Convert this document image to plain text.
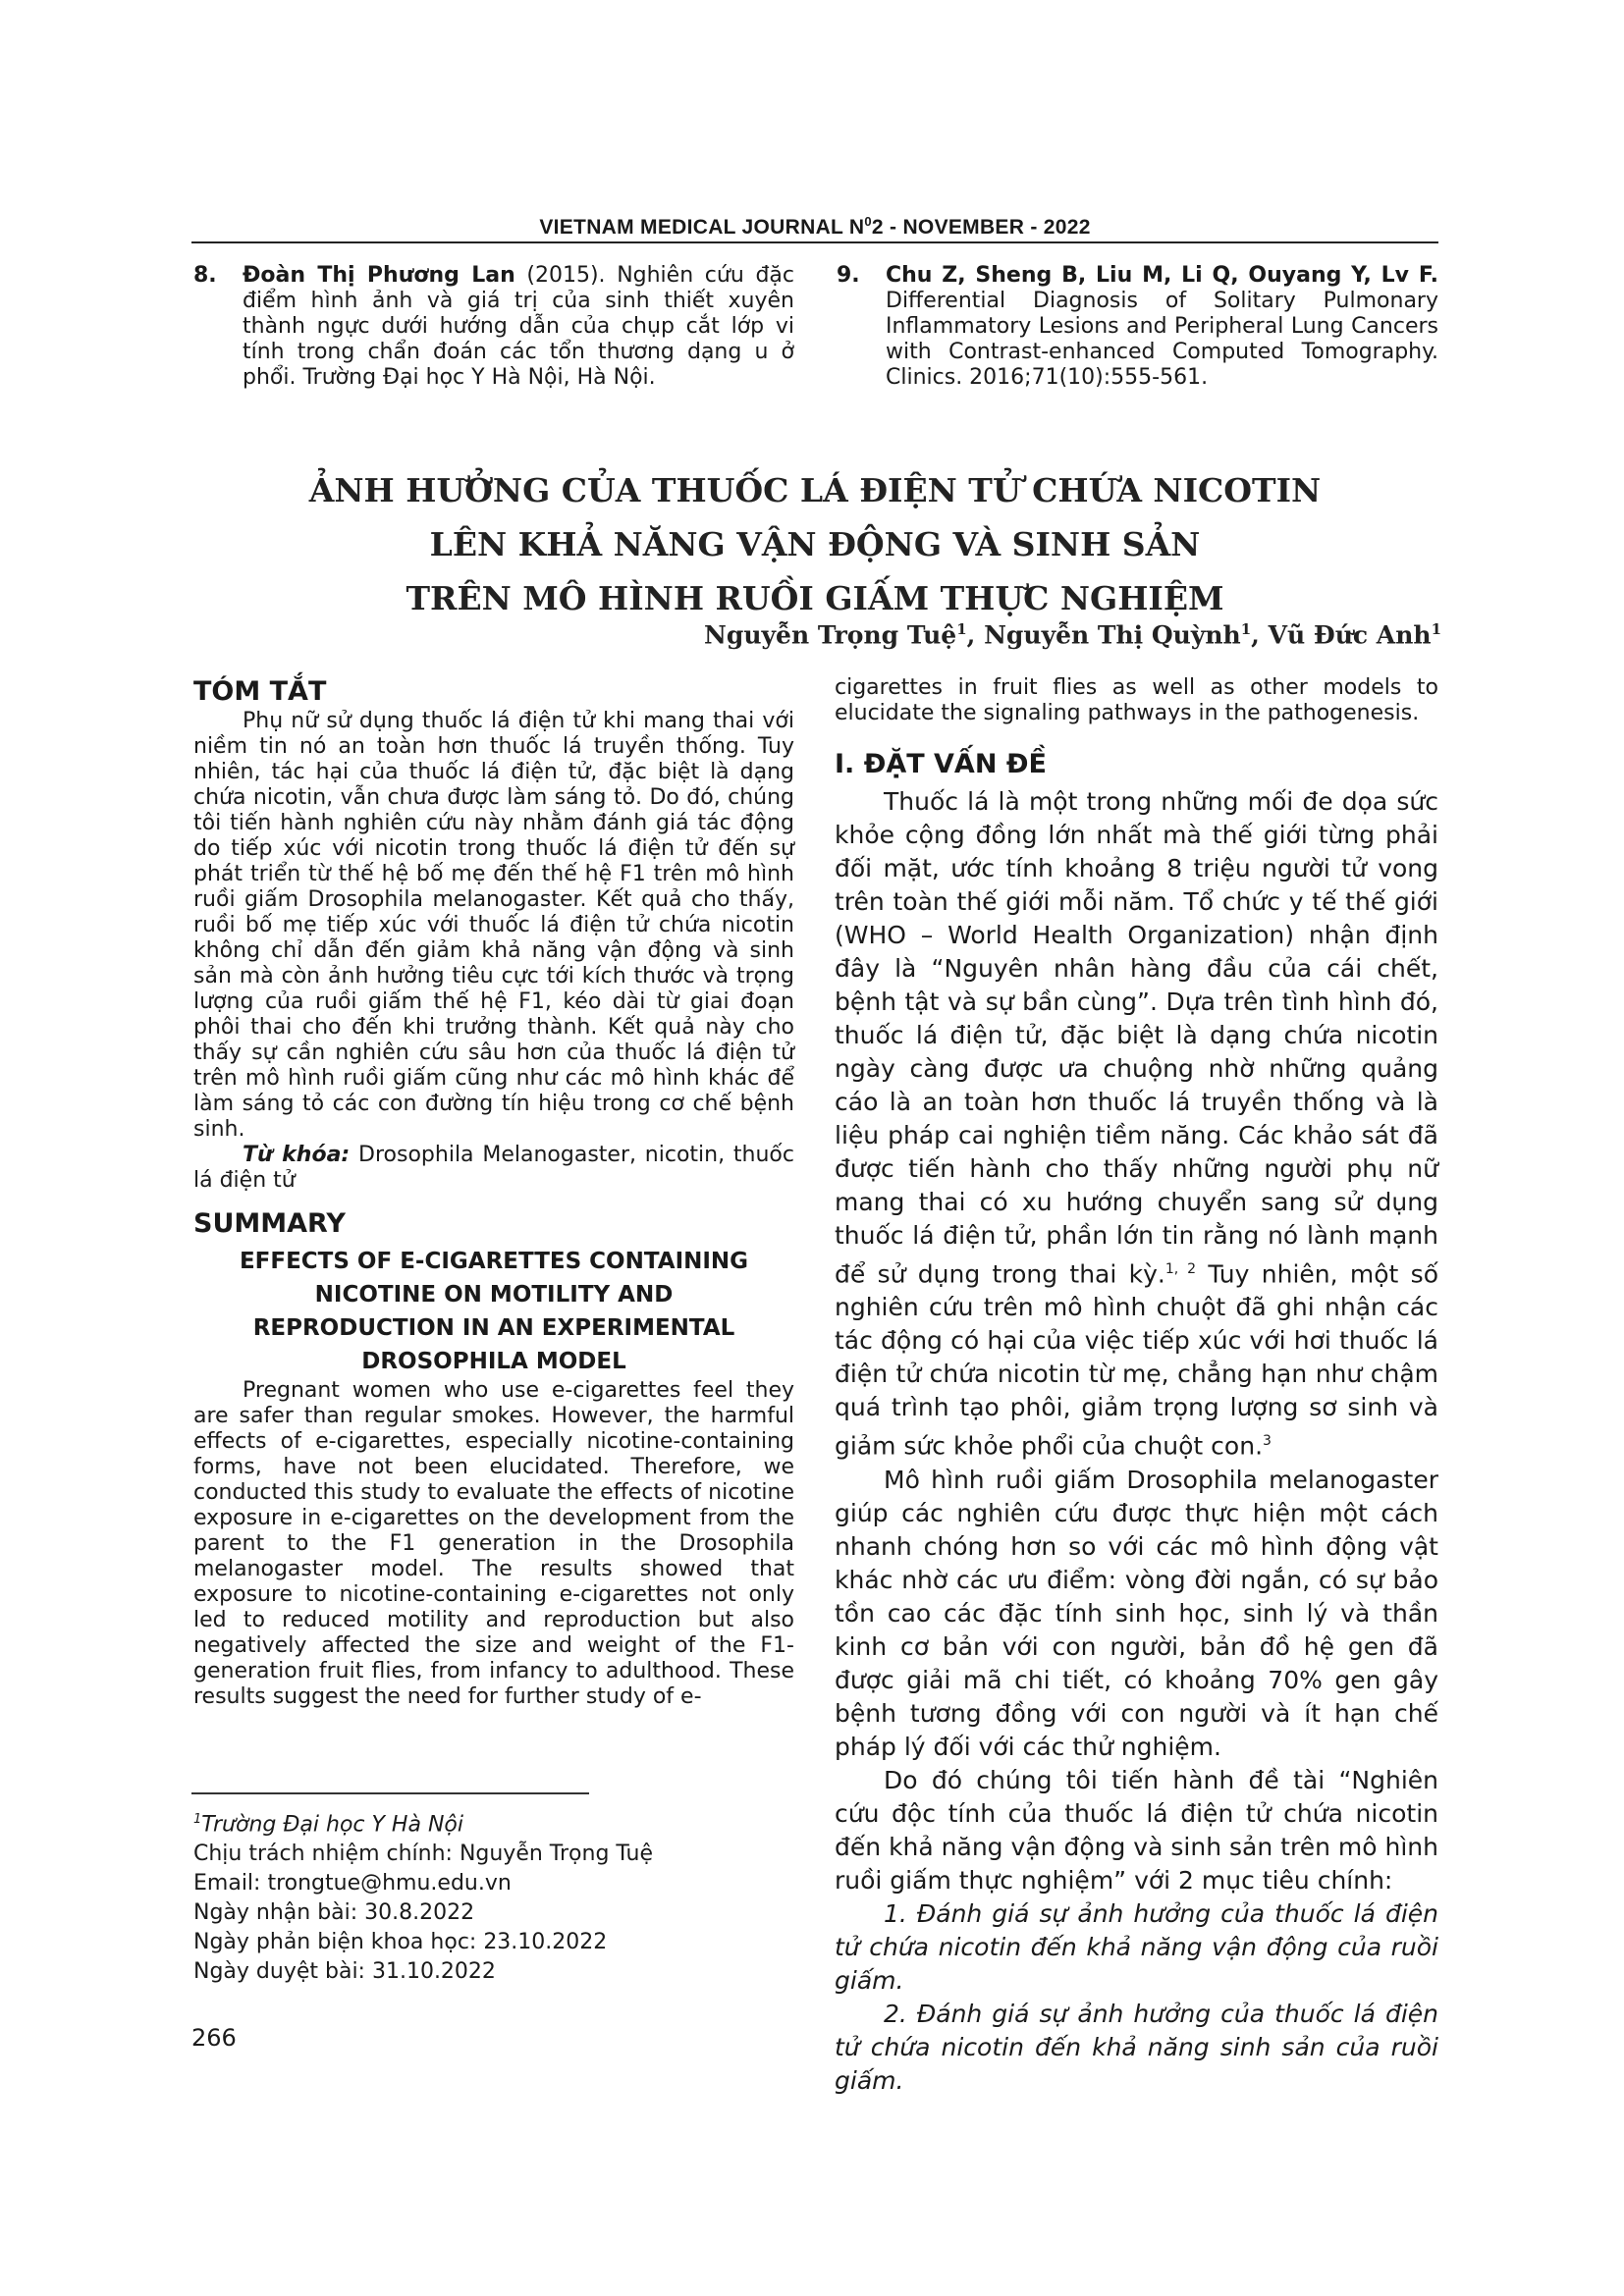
VIETNAM MEDICAL JOURNAL $N^02$ - NOVEMBER - 2022
8. Đoàn Thị Phương Lan (2015). Nghiên cứu đặc điểm hình ảnh và giá trị của sinh thiết xuyên thành ngực dưới hướng dẫn của chụp cắt lớp vi tính trong chẩn đoán các tổn thương dạng u ở phổi. Trường Đại học Y Hà Nội, Hà Nội.
9. Chu Z, Sheng B, Liu M, Li Q, Ouyang Y, Lv F. Differential Diagnosis of Solitary Pulmonary Inflammatory Lesions and Peripheral Lung Cancers with Contrast-enhanced Computed Tomography. Clinics. 2016;71(10):555-561.
ẢNH HƯỞNG CỦA THUỐC LÁ ĐIỆN TỬ CHỨA NICOTIN
LÊN KHẢ NĂNG VẬN ĐỘNG VÀ SINH SẢN
TRÊN MÔ HÌNH RUỒI GIẤM THỰC NGHIỆM
Nguyễn Trọng Tuệ$^1$, Nguyễn Thị Quỳnh$^1$, Vũ Đức Anh$^1$
TÓM TẮT

Phụ nữ sử dụng thuốc lá điện tử khi mang thai với niềm tin nó an toàn hơn thuốc lá truyền thống. Tuy nhiên, tác hại của thuốc lá điện tử, đặc biệt là dạng chứa nicotin, vẫn chưa được làm sáng tỏ. Do đó, chúng tôi tiến hành nghiên cứu này nhằm đánh giá tác động do tiếp xúc với nicotin trong thuốc lá điện tử đến sự phát triển từ thế hệ bố mẹ đến thế hệ F1 trên mô hình ruồi giấm Drosophila melanogaster. Kết quả cho thấy, ruồi bố mẹ tiếp xúc với thuốc lá điện tử chứa nicotin không chỉ dẫn đến giảm khả năng vận động và sinh sản mà còn ảnh hưởng tiêu cực tới kích thước và trọng lượng của ruồi giấm thế hệ F1, kéo dài từ giai đoạn phôi thai cho đến khi trưởng thành. Kết quả này cho thấy sự cần nghiên cứu sâu hơn của thuốc lá điện tử trên mô hình ruồi giấm cũng như các mô hình khác để làm sáng tỏ các con đường tín hiệu trong cơ chế bệnh sinh.

Từ khóa: Drosophila Melanogaster, nicotin, thuốc lá điện tử

SUMMARY
EFFECTS OF E-CIGARETTES CONTAINING
NICOTINE ON MOTILITY AND
REPRODUCTION IN AN EXPERIMENTAL
DROSOPHILA MODEL

Pregnant women who use e-cigarettes feel they are safer than regular smokes. However, the harmful effects of e-cigarettes, especially nicotine-containing forms, have not been elucidated. Therefore, we conducted this study to evaluate the effects of nicotine exposure in e-cigarettes on the development from the parent to the F1 generation in the Drosophila melanogaster model. The results showed that exposure to nicotine-containing e-cigarettes not only led to reduced motility and reproduction but also negatively affected the size and weight of the F1-generation fruit flies, from infancy to adulthood. These results suggest the need for further study of e-

cigarettes in fruit flies as well as other models to elucidate the signaling pathways in the pathogenesis.

I. ĐẶT VẤN ĐỀ

Thuốc lá là một trong những mối đe dọa sức khỏe cộng đồng lớn nhất mà thế giới từng phải đối mặt, ước tính khoảng 8 triệu người tử vong trên toàn thế giới mỗi năm. Tổ chức y tế thế giới (WHO – World Health Organization) nhận định đây là “Nguyên nhân hàng đầu của cái chết, bệnh tật và sự bần cùng”. Dựa trên tình hình đó, thuốc lá điện tử, đặc biệt là dạng chứa nicotin ngày càng được ưa chuộng nhờ những quảng cáo là an toàn hơn thuốc lá truyền thống và là liệu pháp cai nghiện tiềm năng. Các khảo sát đã được tiến hành cho thấy những người phụ nữ mang thai có xu hướng chuyển sang sử dụng thuốc lá điện tử, phần lớn tin rằng nó lành mạnh để sử dụng trong thai kỳ.$^{1, 2}$ Tuy nhiên, một số nghiên cứu trên mô hình chuột đã ghi nhận các tác động có hại của việc tiếp xúc với hơi thuốc lá điện tử chứa nicotin từ mẹ, chẳng hạn như chậm quá trình tạo phôi, giảm trọng lượng sơ sinh và giảm sức khỏe phổi của chuột con.$^3$

Mô hình ruồi giấm Drosophila melanogaster giúp các nghiên cứu được thực hiện một cách nhanh chóng hơn so với các mô hình động vật khác nhờ các ưu điểm: vòng đời ngắn, có sự bảo tồn cao các đặc tính sinh học, sinh lý và thần kinh cơ bản với con người, bản đồ hệ gen đã được giải mã chi tiết, có khoảng 70% gen gây bệnh tương đồng với con người và ít hạn chế pháp lý đối với các thử nghiệm.

Do đó chúng tôi tiến hành đề tài “Nghiên cứu độc tính của thuốc lá điện tử chứa nicotin đến khả năng vận động và sinh sản trên mô hình ruồi giấm thực nghiệm” với 2 mục tiêu chính:

1. Đánh giá sự ảnh hưởng của thuốc lá điện tử chứa nicotin đến khả năng vận động của ruồi giấm.

2. Đánh giá sự ảnh hưởng của thuốc lá điện tử chứa nicotin đến khả năng sinh sản của ruồi giấm.

$^1$Trường Đại học Y Hà Nội
Chịu trách nhiệm chính: Nguyễn Trọng Tuệ
Email: trongtue@hmu.edu.vn
Ngày nhận bài: 30.8.2022
Ngày phản biện khoa học: 23.10.2022
Ngày duyệt bài: 31.10.2022
266
